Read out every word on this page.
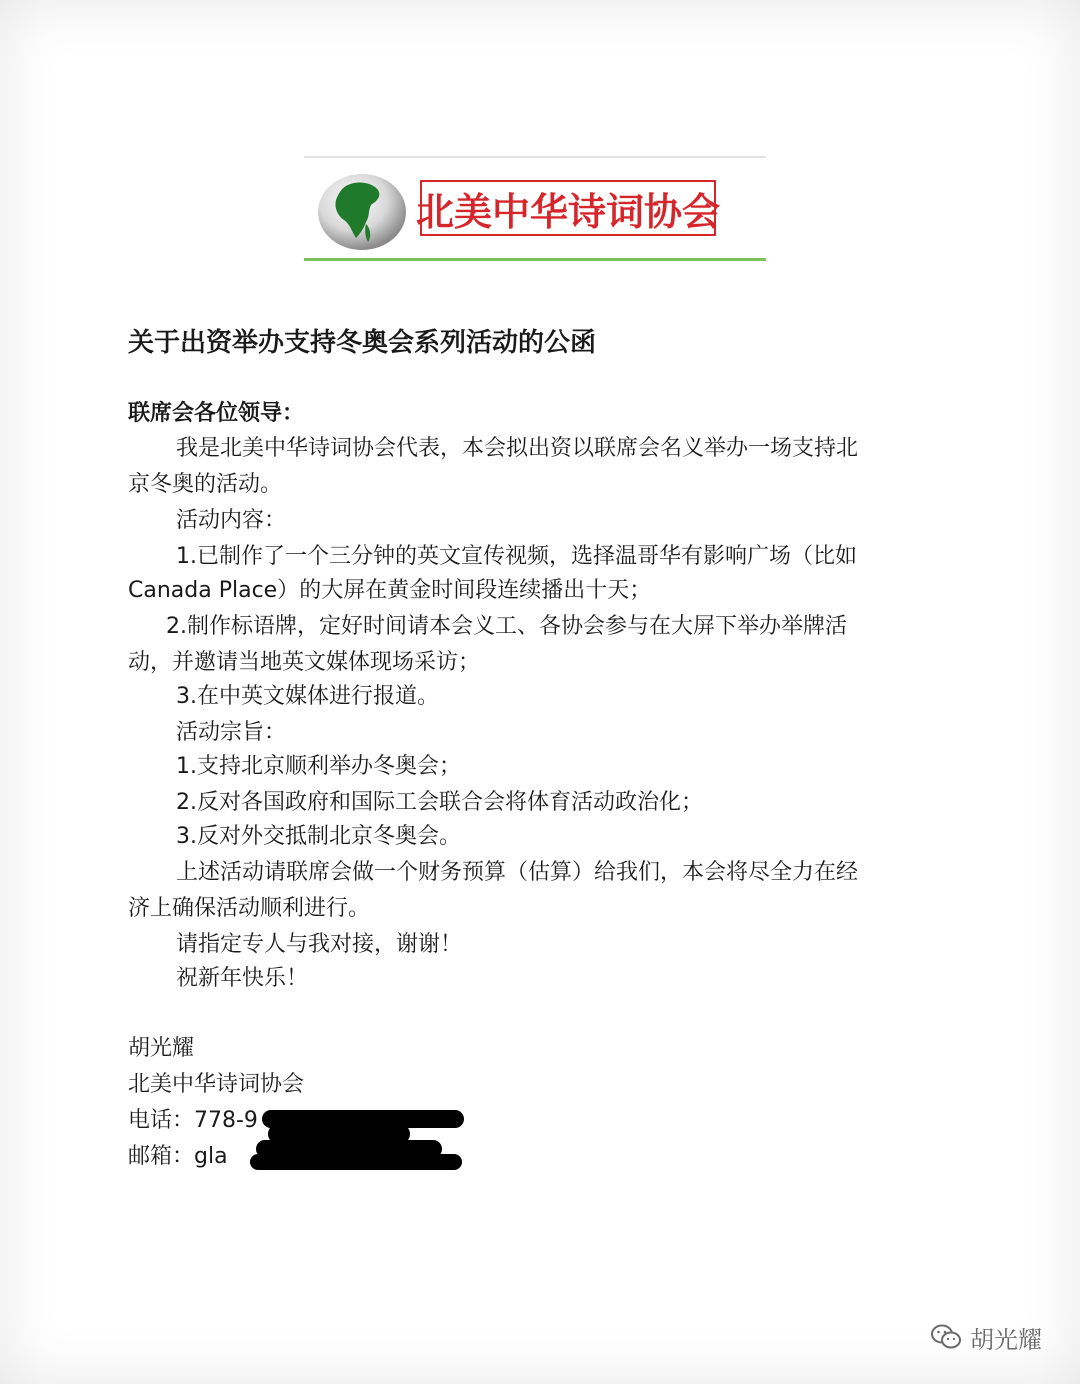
北美中华诗词协会
关于出资举办支持冬奥会系列活动的公函
联席会各位领导：
我是北美中华诗词协会代表，本会拟出资以联席会名义举办一场支持北
京冬奥的活动。
活动内容：
1.已制作了一个三分钟的英文宣传视频，选择温哥华有影响广场（比如
Canada Place）的大屏在黄金时间段连续播出十天；
2.制作标语牌，定好时间请本会义工、各协会参与在大屏下举办举牌活
动，并邀请当地英文媒体现场采访；
3.在中英文媒体进行报道。
活动宗旨：
1.支持北京顺利举办冬奥会；
2.反对各国政府和国际工会联合会将体育活动政治化；
3.反对外交抵制北京冬奥会。
上述活动请联席会做一个财务预算（估算）给我们，本会将尽全力在经
济上确保活动顺利进行。
请指定专人与我对接，谢谢！
祝新年快乐！
胡光耀
北美中华诗词协会
电话：778-9
邮箱：gla
胡光耀
